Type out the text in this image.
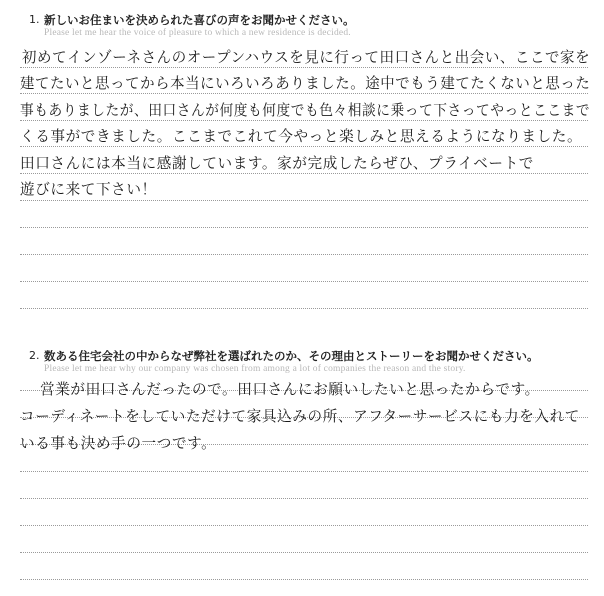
1. 新しいお住まいを決められた喜びの声をお聞かせください。
Please let me hear the voice of pleasure to which a new residence is decided.
初めてインゾーネさんのオープンハウスを見に行って田口さんと出会い、ここで家を
建てたいと思ってから本当にいろいろありました。途中でもう建てたくないと思った
事もありましたが、田口さんが何度も何度でも色々相談に乗って下さってやっとここまで
くる事ができました。ここまでこれて今やっと楽しみと思えるようになりました。
田口さんには本当に感謝しています。家が完成したらぜひ、プライベートで
遊びに来て下さい！
2. 数ある住宅会社の中からなぜ弊社を選ばれたのか、その理由とストーリーをお聞かせください。
Please let me hear why our company was chosen from among a lot of companies the reason and the story.
営業が田口さんだったので。田口さんにお願いしたいと思ったからです。
コーディネートをしていただけて家具込みの所、アフターサービスにも力を入れて
いる事も決め手の一つです。
